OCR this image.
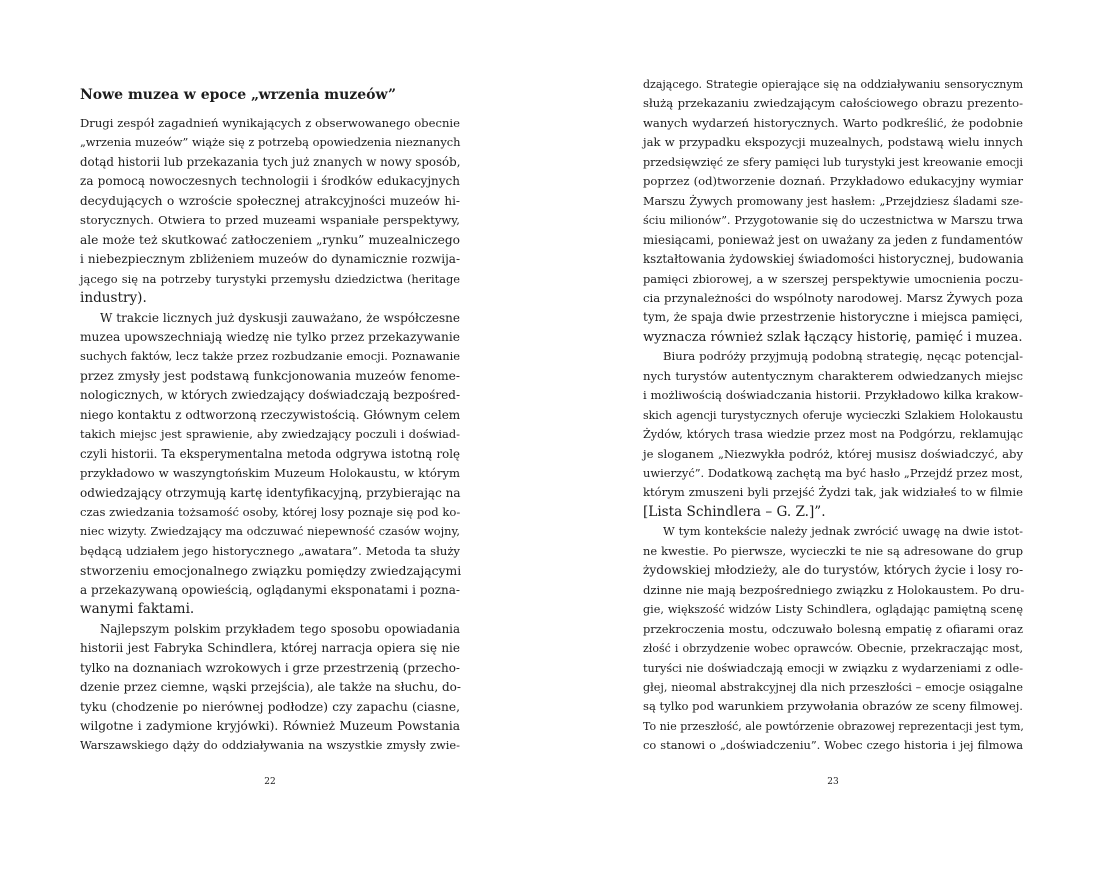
Nowe muzea w epoce „wrzenia muzeów”
Drugi zespół zagadnień wynikających z obserwowanego obecnie
„wrzenia muzeów” wiąże się z potrzebą opowiedzenia nieznanych
dotąd historii lub przekazania tych już znanych w nowy sposób,
za pomocą nowoczesnych technologii i środków edukacyjnych
decydujących o wzroście społecznej atrakcyjności muzeów hi-
storycznych. Otwiera to przed muzeami wspaniałe perspektywy,
ale może też skutkować zatłoczeniem „rynku” muzealniczego
i niebezpiecznym zbliżeniem muzeów do dynamicznie rozwija-
jącego się na potrzeby turystyki przemysłu dziedzictwa (heritage
industry).
W trakcie licznych już dyskusji zauważano, że współczesne
muzea upowszechniają wiedzę nie tylko przez przekazywanie
suchych faktów, lecz także przez rozbudzanie emocji. Poznawanie
przez zmysły jest podstawą funkcjonowania muzeów fenome-
nologicznych, w których zwiedzający doświadczają bezpośred-
niego kontaktu z odtworzoną rzeczywistością. Głównym celem
takich miejsc jest sprawienie, aby zwiedzający poczuli i doświad-
czyli historii. Ta eksperymentalna metoda odgrywa istotną rolę
przykładowo w waszyngtońskim Muzeum Holokaustu, w którym
odwiedzający otrzymują kartę identyfikacyjną, przybierając na
czas zwiedzania tożsamość osoby, której losy poznaje się pod ko-
niec wizyty. Zwiedzający ma odczuwać niepewność czasów wojny,
będącą udziałem jego historycznego „awatara”. Metoda ta służy
stworzeniu emocjonalnego związku pomiędzy zwiedzającymi
a przekazywaną opowieścią, oglądanymi eksponatami i pozna-
wanymi faktami.
Najlepszym polskim przykładem tego sposobu opowiadania
historii jest Fabryka Schindlera, której narracja opiera się nie
tylko na doznaniach wzrokowych i grze przestrzenią (przecho-
dzenie przez ciemne, wąski przejścia), ale także na słuchu, do-
tyku (chodzenie po nierównej podłodze) czy zapachu (ciasne,
wilgotne i zadymione kryjówki). Również Muzeum Powstania
Warszawskiego dąży do oddziaływania na wszystkie zmysły zwie-
22
dzającego. Strategie opierające się na oddziaływaniu sensorycznym
służą przekazaniu zwiedzającym całościowego obrazu prezento-
wanych wydarzeń historycznych. Warto podkreślić, że podobnie
jak w przypadku ekspozycji muzealnych, podstawą wielu innych
przedsięwzięć ze sfery pamięci lub turystyki jest kreowanie emocji
poprzez (od)tworzenie doznań. Przykładowo edukacyjny wymiar
Marszu Żywych promowany jest hasłem: „Przejdziesz śladami sze-
ściu milionów”. Przygotowanie się do uczestnictwa w Marszu trwa
miesiącami, ponieważ jest on uważany za jeden z fundamentów
kształtowania żydowskiej świadomości historycznej, budowania
pamięci zbiorowej, a w szerszej perspektywie umocnienia poczu-
cia przynależności do wspólnoty narodowej. Marsz Żywych poza
tym, że spaja dwie przestrzenie historyczne i miejsca pamięci,
wyznacza również szlak łączący historię, pamięć i muzea.
Biura podróży przyjmują podobną strategię, nęcąc potencjal-
nych turystów autentycznym charakterem odwiedzanych miejsc
i możliwością doświadczania historii. Przykładowo kilka krakow-
skich agencji turystycznych oferuje wycieczki Szlakiem Holokaustu
Żydów, których trasa wiedzie przez most na Podgórzu, reklamując
je sloganem „Niezwykła podróż, której musisz doświadczyć, aby
uwierzyć”. Dodatkową zachętą ma być hasło „Przejdź przez most,
którym zmuszeni byli przejść Żydzi tak, jak widziałeś to w filmie
[Lista Schindlera – G. Z.]”.
W tym kontekście należy jednak zwrócić uwagę na dwie istot-
ne kwestie. Po pierwsze, wycieczki te nie są adresowane do grup
żydowskiej młodzieży, ale do turystów, których życie i losy ro-
dzinne nie mają bezpośredniego związku z Holokaustem. Po dru-
gie, większość widzów Listy Schindlera, oglądając pamiętną scenę
przekroczenia mostu, odczuwało bolesną empatię z ofiarami oraz
złość i obrzydzenie wobec oprawców. Obecnie, przekraczając most,
turyści nie doświadczają emocji w związku z wydarzeniami z odle-
głej, nieomal abstrakcyjnej dla nich przeszłości – emocje osiągalne
są tylko pod warunkiem przywołania obrazów ze sceny filmowej.
To nie przeszłość, ale powtórzenie obrazowej reprezentacji jest tym,
co stanowi o „doświadczeniu”. Wobec czego historia i jej filmowa
23
